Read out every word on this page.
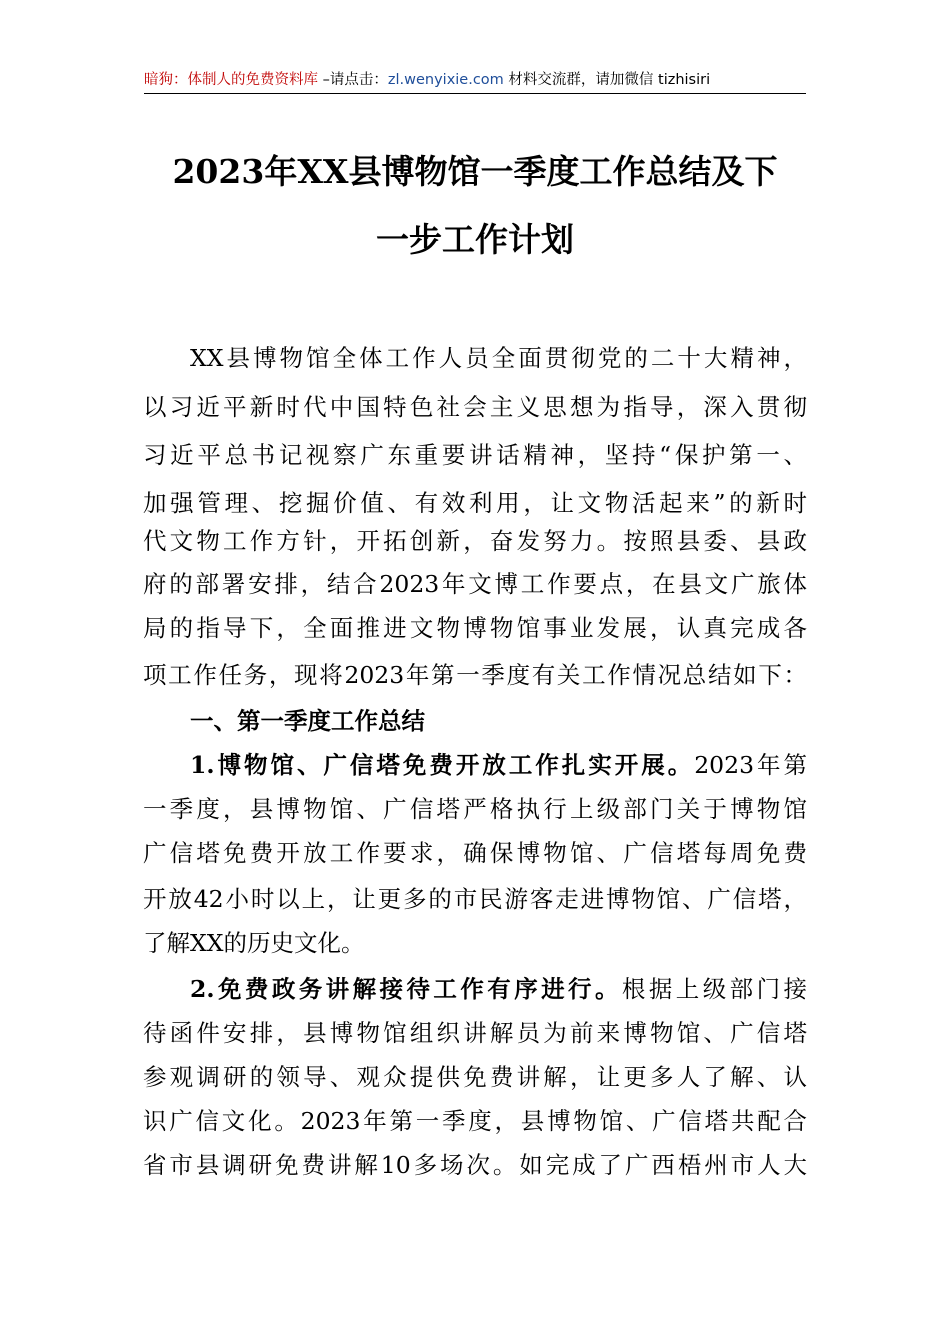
暗狗：体制人的免费资料库 –请点击：zl.wenyixie.com 材料交流群，请加微信 tizhisiri
2023年XX县博物馆一季度工作总结及下
一步工作计划
XX县博物馆全体工作人员全面贯彻党的二十大精神，
以习近平新时代中国特色社会主义思想为指导，深入贯彻
习近平总书记视察广东重要讲话精神，坚持“保护第一、
加强管理、挖掘价值、有效利用，让文物活起来”的新时
代文物工作方针，开拓创新，奋发努力。按照县委、县政
府的部署安排，结合2023年文博工作要点，在县文广旅体
局的指导下，全面推进文物博物馆事业发展，认真完成各
项工作任务，现将2023年第一季度有关工作情况总结如下：
一、第一季度工作总结
1.博物馆、广信塔免费开放工作扎实开展。2023年第
一季度，县博物馆、广信塔严格执行上级部门关于博物馆
广信塔免费开放工作要求，确保博物馆、广信塔每周免费
开放42小时以上，让更多的市民游客走进博物馆、广信塔，
了解XX的历史文化。
2.免费政务讲解接待工作有序进行。根据上级部门接
待函件安排，县博物馆组织讲解员为前来博物馆、广信塔
参观调研的领导、观众提供免费讲解，让更多人了解、认
识广信文化。2023年第一季度，县博物馆、广信塔共配合
省市县调研免费讲解10多场次。如完成了广西梧州市人大
